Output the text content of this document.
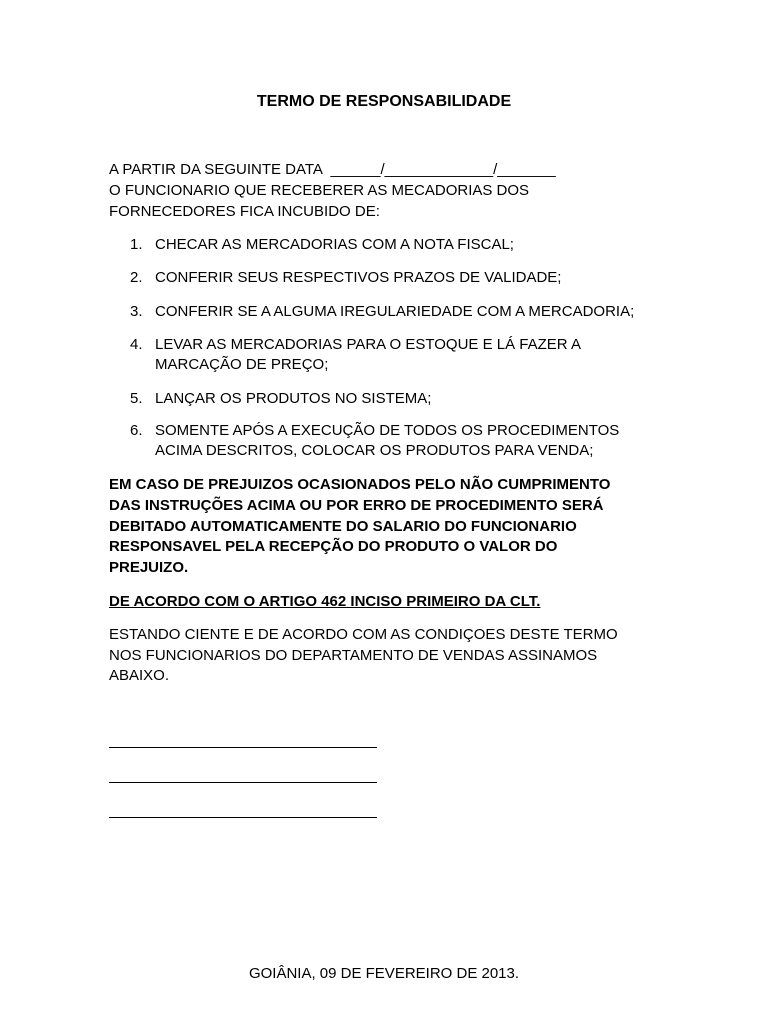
TERMO DE RESPONSABILIDADE
A PARTIR DA SEGUINTE DATA  ______/_____________/_______
O FUNCIONARIO QUE RECEBERER AS MECADORIAS DOS
FORNECEDORES FICA INCUBIDO DE:
1. CHECAR AS MERCADORIAS COM A NOTA FISCAL;
2. CONFERIR SEUS RESPECTIVOS PRAZOS DE VALIDADE;
3. CONFERIR SE A ALGUMA IREGULARIEDADE COM A MERCADORIA;
4. LEVAR AS MERCADORIAS PARA O ESTOQUE E LÁ FAZER A
MARCAÇÃO DE PREÇO;
5. LANÇAR OS PRODUTOS NO SISTEMA;
6. SOMENTE APÓS A EXECUÇÃO DE TODOS OS PROCEDIMENTOS
ACIMA DESCRITOS, COLOCAR OS PRODUTOS PARA VENDA;
EM CASO DE PREJUIZOS OCASIONADOS PELO NÃO CUMPRIMENTO
DAS INSTRUÇÕES ACIMA OU POR ERRO DE PROCEDIMENTO SERÁ
DEBITADO AUTOMATICAMENTE DO SALARIO DO FUNCIONARIO
RESPONSAVEL PELA RECEPÇÃO DO PRODUTO O VALOR DO
PREJUIZO.
DE ACORDO COM O ARTIGO 462 INCISO PRIMEIRO DA CLT.
ESTANDO CIENTE E DE ACORDO COM AS CONDIÇOES DESTE TERMO
NOS FUNCIONARIOS DO DEPARTAMENTO DE VENDAS ASSINAMOS
ABAIXO.
GOIÂNIA, 09 DE FEVEREIRO DE 2013.
